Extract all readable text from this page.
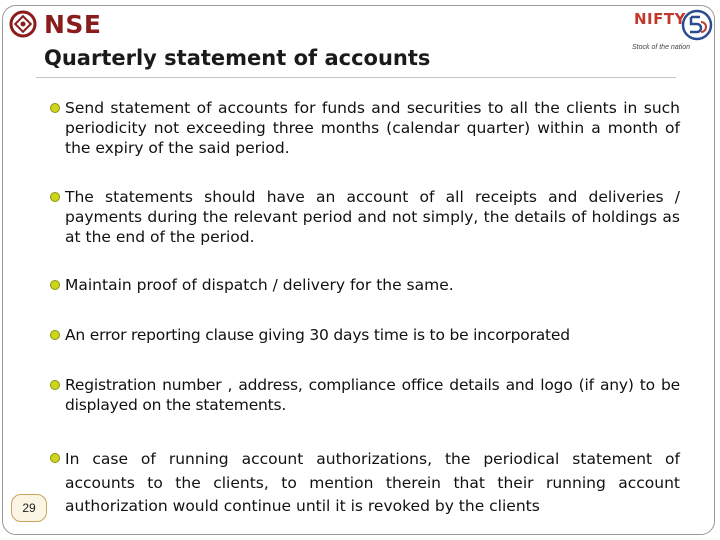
NSE	NIFTY
Stock of the nation
Quarterly statement of accounts
Send statement of accounts for funds and securities to all the clients in such periodicity not exceeding three months (calendar quarter) within a month of the expiry of the said period.
The statements should have an account of all receipts and deliveries / payments during the relevant period and not simply, the details of holdings as at the end of the period.
Maintain proof of dispatch / delivery for the same.
An error reporting clause giving 30 days time is to be incorporated
Registration number , address, compliance office details and logo (if any) to be displayed on the statements.
In case of running account authorizations, the periodical statement of accounts to the clients, to mention therein that their running account authorization would continue until it is revoked by the clients
29
